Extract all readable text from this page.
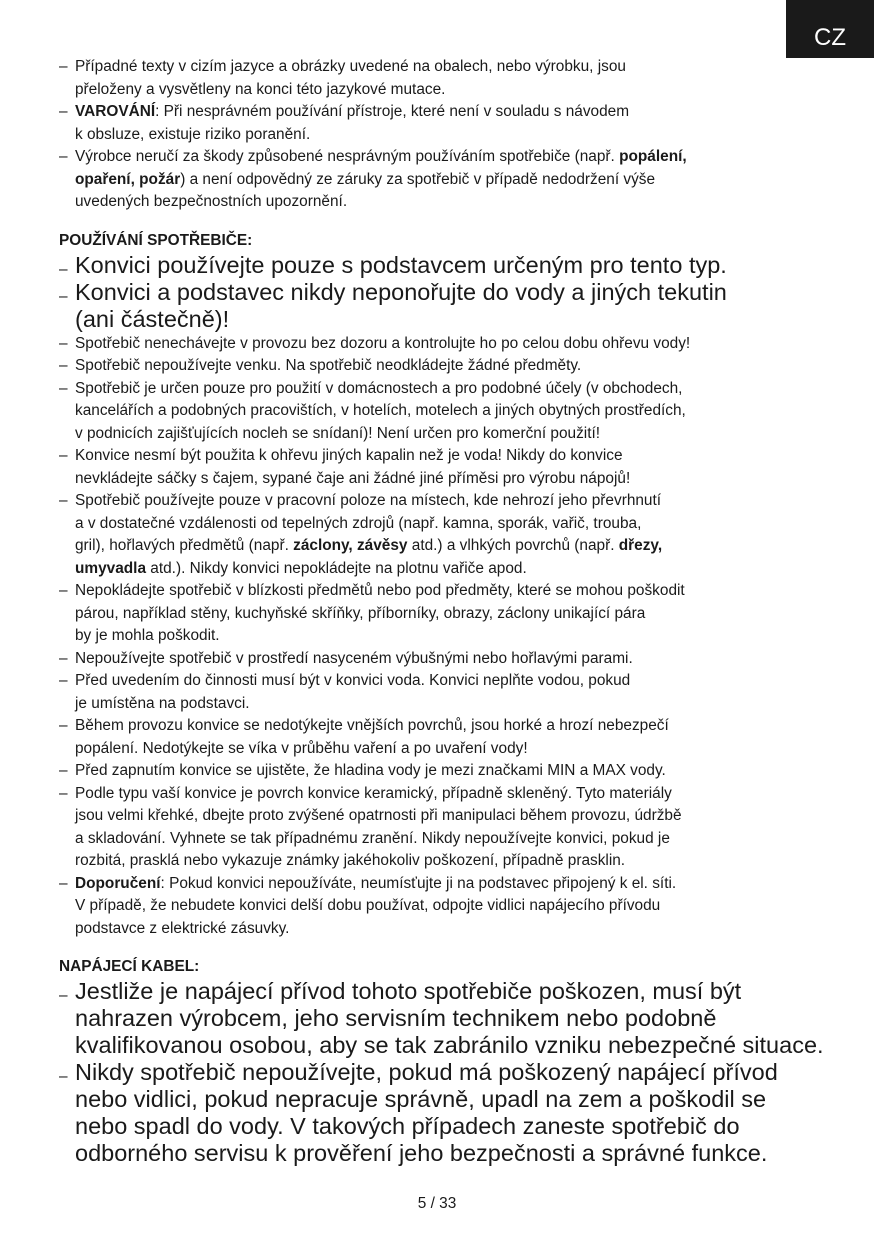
CZ
– Případné texty v cizím jazyce a obrázky uvedené na obalech, nebo výrobku, jsou

přeloženy a vysvětleny na konci této jazykové mutace.

– VAROVÁNÍ: Při nesprávném používání přístroje, které není v souladu s návodem

k obsluze, existuje riziko poranění.

– Výrobce neručí za škody způsobené nesprávným používáním spotřebiče (např. popálení,

opaření, požár) a není odpovědný ze záruky za spotřebič v případě nedodržení výše

uvedených bezpečnostních upozornění.

POUŽÍVÁNÍ SPOTŘEBIČE:

– Konvici používejte pouze s podstavcem určeným pro tento typ.

– Konvici a podstavec nikdy neponořujte do vody a jiných tekutin

(ani částečně)!

– Spotřebič nenechávejte v provozu bez dozoru a kontrolujte ho po celou dobu ohřevu vody!

– Spotřebič nepoužívejte venku. Na spotřebič neodkládejte žádné předměty.

– Spotřebič je určen pouze pro použití v domácnostech a pro podobné účely (v obchodech,

kancelářích a podobných pracovištích, v hotelích, motelech a jiných obytných prostředích,

v podnicích zajišťujících nocleh se snídaní)! Není určen pro komerční použití!

– Konvice nesmí být použita k ohřevu jiných kapalin než je voda! Nikdy do konvice

nevkládejte sáčky s čajem, sypané čaje ani žádné jiné příměsi pro výrobu nápojů!

– Spotřebič používejte pouze v pracovní poloze na místech, kde nehrozí jeho převrhnutí

a v dostatečné vzdálenosti od tepelných zdrojů (např. kamna, sporák, vařič, trouba,

gril), hořlavých předmětů (např. záclony, závěsy atd.) a vlhkých povrchů (např. dřezy,

umyvadla atd.). Nikdy konvici nepokládejte na plotnu vařiče apod.

– Nepokládejte spotřebič v blízkosti předmětů nebo pod předměty, které se mohou poškodit

párou, například stěny, kuchyňské skříňky, příborníky, obrazy, záclony unikající pára

by je mohla poškodit.

– Nepoužívejte spotřebič v prostředí nasyceném výbušnými nebo hořlavými parami.

– Před uvedením do činnosti musí být v konvici voda. Konvici neplňte vodou, pokud

je umístěna na podstavci.

– Během provozu konvice se nedotýkejte vnějších povrchů, jsou horké a hrozí nebezpečí

popálení. Nedotýkejte se víka v průběhu vaření a po uvaření vody!

– Před zapnutím konvice se ujistěte, že hladina vody je mezi značkami MIN a MAX vody.

– Podle typu vaší konvice je povrch konvice keramický, případně skleněný. Tyto materiály

jsou velmi křehké, dbejte proto zvýšené opatrnosti při manipulaci během provozu, údržbě

a skladování. Vyhnete se tak případnému zranění. Nikdy nepoužívejte konvici, pokud je

rozbitá, prasklá nebo vykazuje známky jakéhokoliv poškození, případně prasklin.

– Doporučení: Pokud konvici nepoužíváte, neumísťujte ji na podstavec připojený k el. síti.

V případě, že nebudete konvici delší dobu používat, odpojte vidlici napájecího přívodu

podstavce z elektrické zásuvky.

NAPÁJECÍ KABEL:

– Jestliže je napájecí přívod tohoto spotřebiče poškozen, musí být

nahrazen výrobcem, jeho servisním technikem nebo podobně

kvalifikovanou osobou, aby se tak zabránilo vzniku nebezpečné situace.

– Nikdy spotřebič nepoužívejte, pokud má poškozený napájecí přívod

nebo vidlici, pokud nepracuje správně, upadl na zem a poškodil se

nebo spadl do vody. V takových případech zaneste spotřebič do

odborného servisu k prověření jeho bezpečnosti a správné funkce.

5 / 33
